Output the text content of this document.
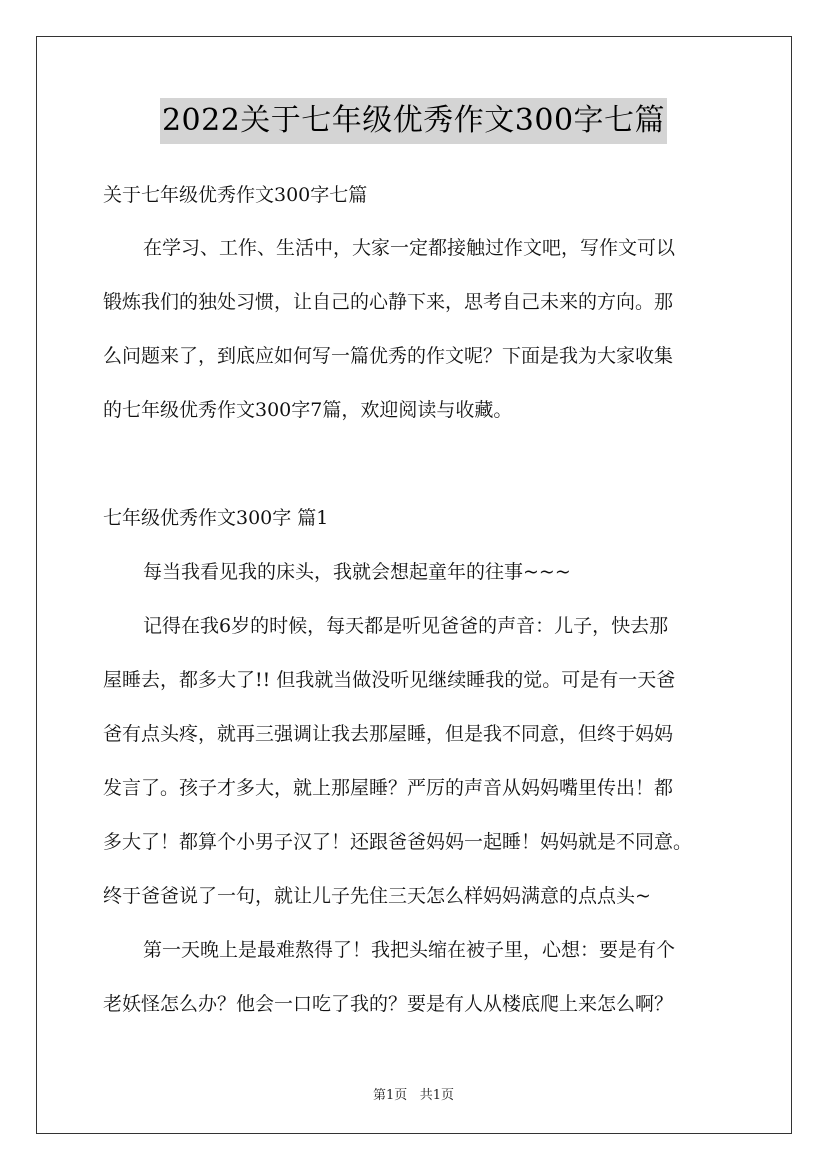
2022关于七年级优秀作文300字七篇
关于七年级优秀作文300字七篇
在学习、工作、生活中，大家一定都接触过作文吧，写作文可以
锻炼我们的独处习惯，让自己的心静下来，思考自己未来的方向。那
么问题来了，到底应如何写一篇优秀的作文呢？下面是我为大家收集
的七年级优秀作文300字7篇，欢迎阅读与收藏。
七年级优秀作文300字 篇1
每当我看见我的床头，我就会想起童年的往事~~~
记得在我6岁的时候，每天都是听见爸爸的声音：儿子，快去那
屋睡去，都多大了!! 但我就当做没听见继续睡我的觉。可是有一天爸
爸有点头疼，就再三强调让我去那屋睡，但是我不同意，但终于妈妈
发言了。孩子才多大，就上那屋睡？严厉的声音从妈妈嘴里传出！都
多大了！都算个小男子汉了！还跟爸爸妈妈一起睡！妈妈就是不同意。
终于爸爸说了一句，就让儿子先住三天怎么样妈妈满意的点点头~
第一天晚上是最难熬得了！我把头缩在被子里，心想：要是有个
老妖怪怎么办？他会一口吃了我的？要是有人从楼底爬上来怎么啊？
第1页 共1页
